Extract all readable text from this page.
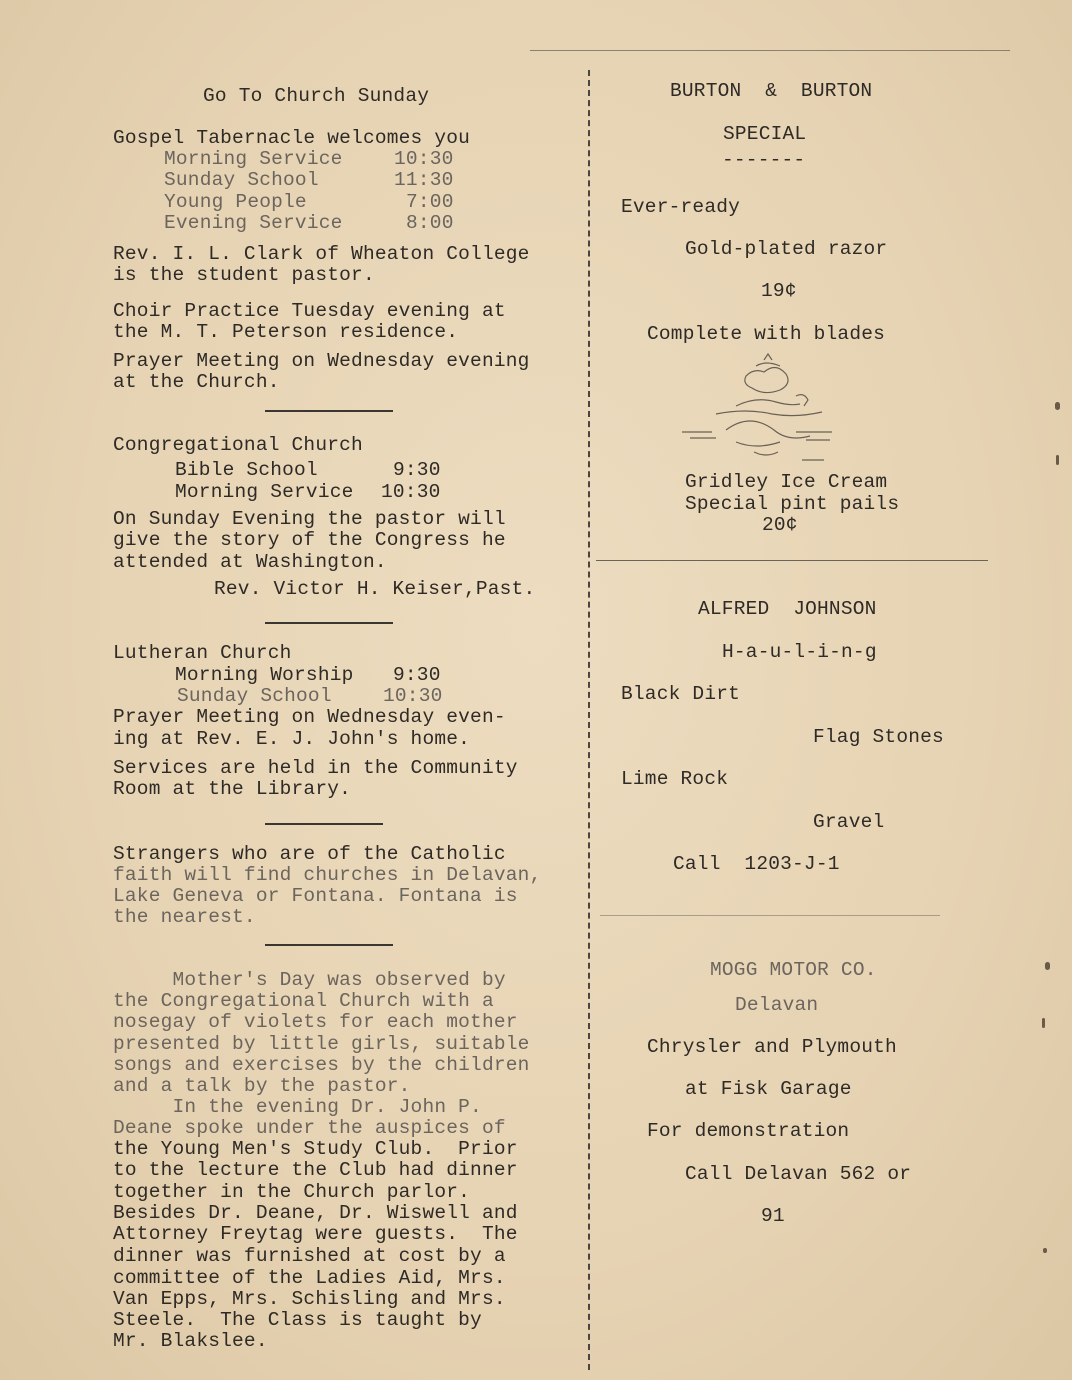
Go To Church Sunday
Gospel Tabernacle welcomes you
Morning Service	10:30
Sunday School	11:30
Young People	7:00
Evening Service	8:00
Rev. I. L. Clark of Wheaton College
is the student pastor.
Choir Practice Tuesday evening at
the M. T. Peterson residence.
Prayer Meeting on Wednesday evening
at the Church.
Congregational Church
Bible School	9:30
Morning Service 10:30
On Sunday Evening the pastor will
give the story of the Congress he
attended at Washington.
Rev. Victor H. Keiser,Past.
Lutheran Church
Morning Worship 9:30
Sunday School	10:30
Prayer Meeting on Wednesday even-
ing at Rev. E. J. John's home.
Services are held in the Community
Room at the Library.
Strangers who are of the Catholic
faith will find churches in Delavan,
Lake Geneva or Fontana. Fontana is
the nearest.
Mother's Day was observed by
the Congregational Church with a
nosegay of violets for each mother
presented by little girls, suitable
songs and exercises by the children
and a talk by the pastor.
In the evening Dr. John P.
Deane spoke under the auspices of
the Young Men's Study Club.  Prior
to the lecture the Club had dinner
together in the Church parlor.
Besides Dr. Deane, Dr. Wiswell and
Attorney Freytag were guests.  The
dinner was furnished at cost by a
committee of the Ladies Aid, Mrs.
Van Epps, Mrs. Schisling and Mrs.
Steele.  The Class is taught by
Mr. Blakslee.
BURTON  &  BURTON
SPECIAL
-------
Ever-ready
Gold-plated razor
19¢
Complete with blades
Gridley Ice Cream
Special pint pails
20¢
ALFRED  JOHNSON
H-a-u-l-i-n-g
Black Dirt
Flag Stones
Lime Rock
Gravel
Call  1203-J-1
MOGG MOTOR CO.
Delavan
Chrysler and Plymouth
at Fisk Garage
For demonstration
Call Delavan 562 or
91
